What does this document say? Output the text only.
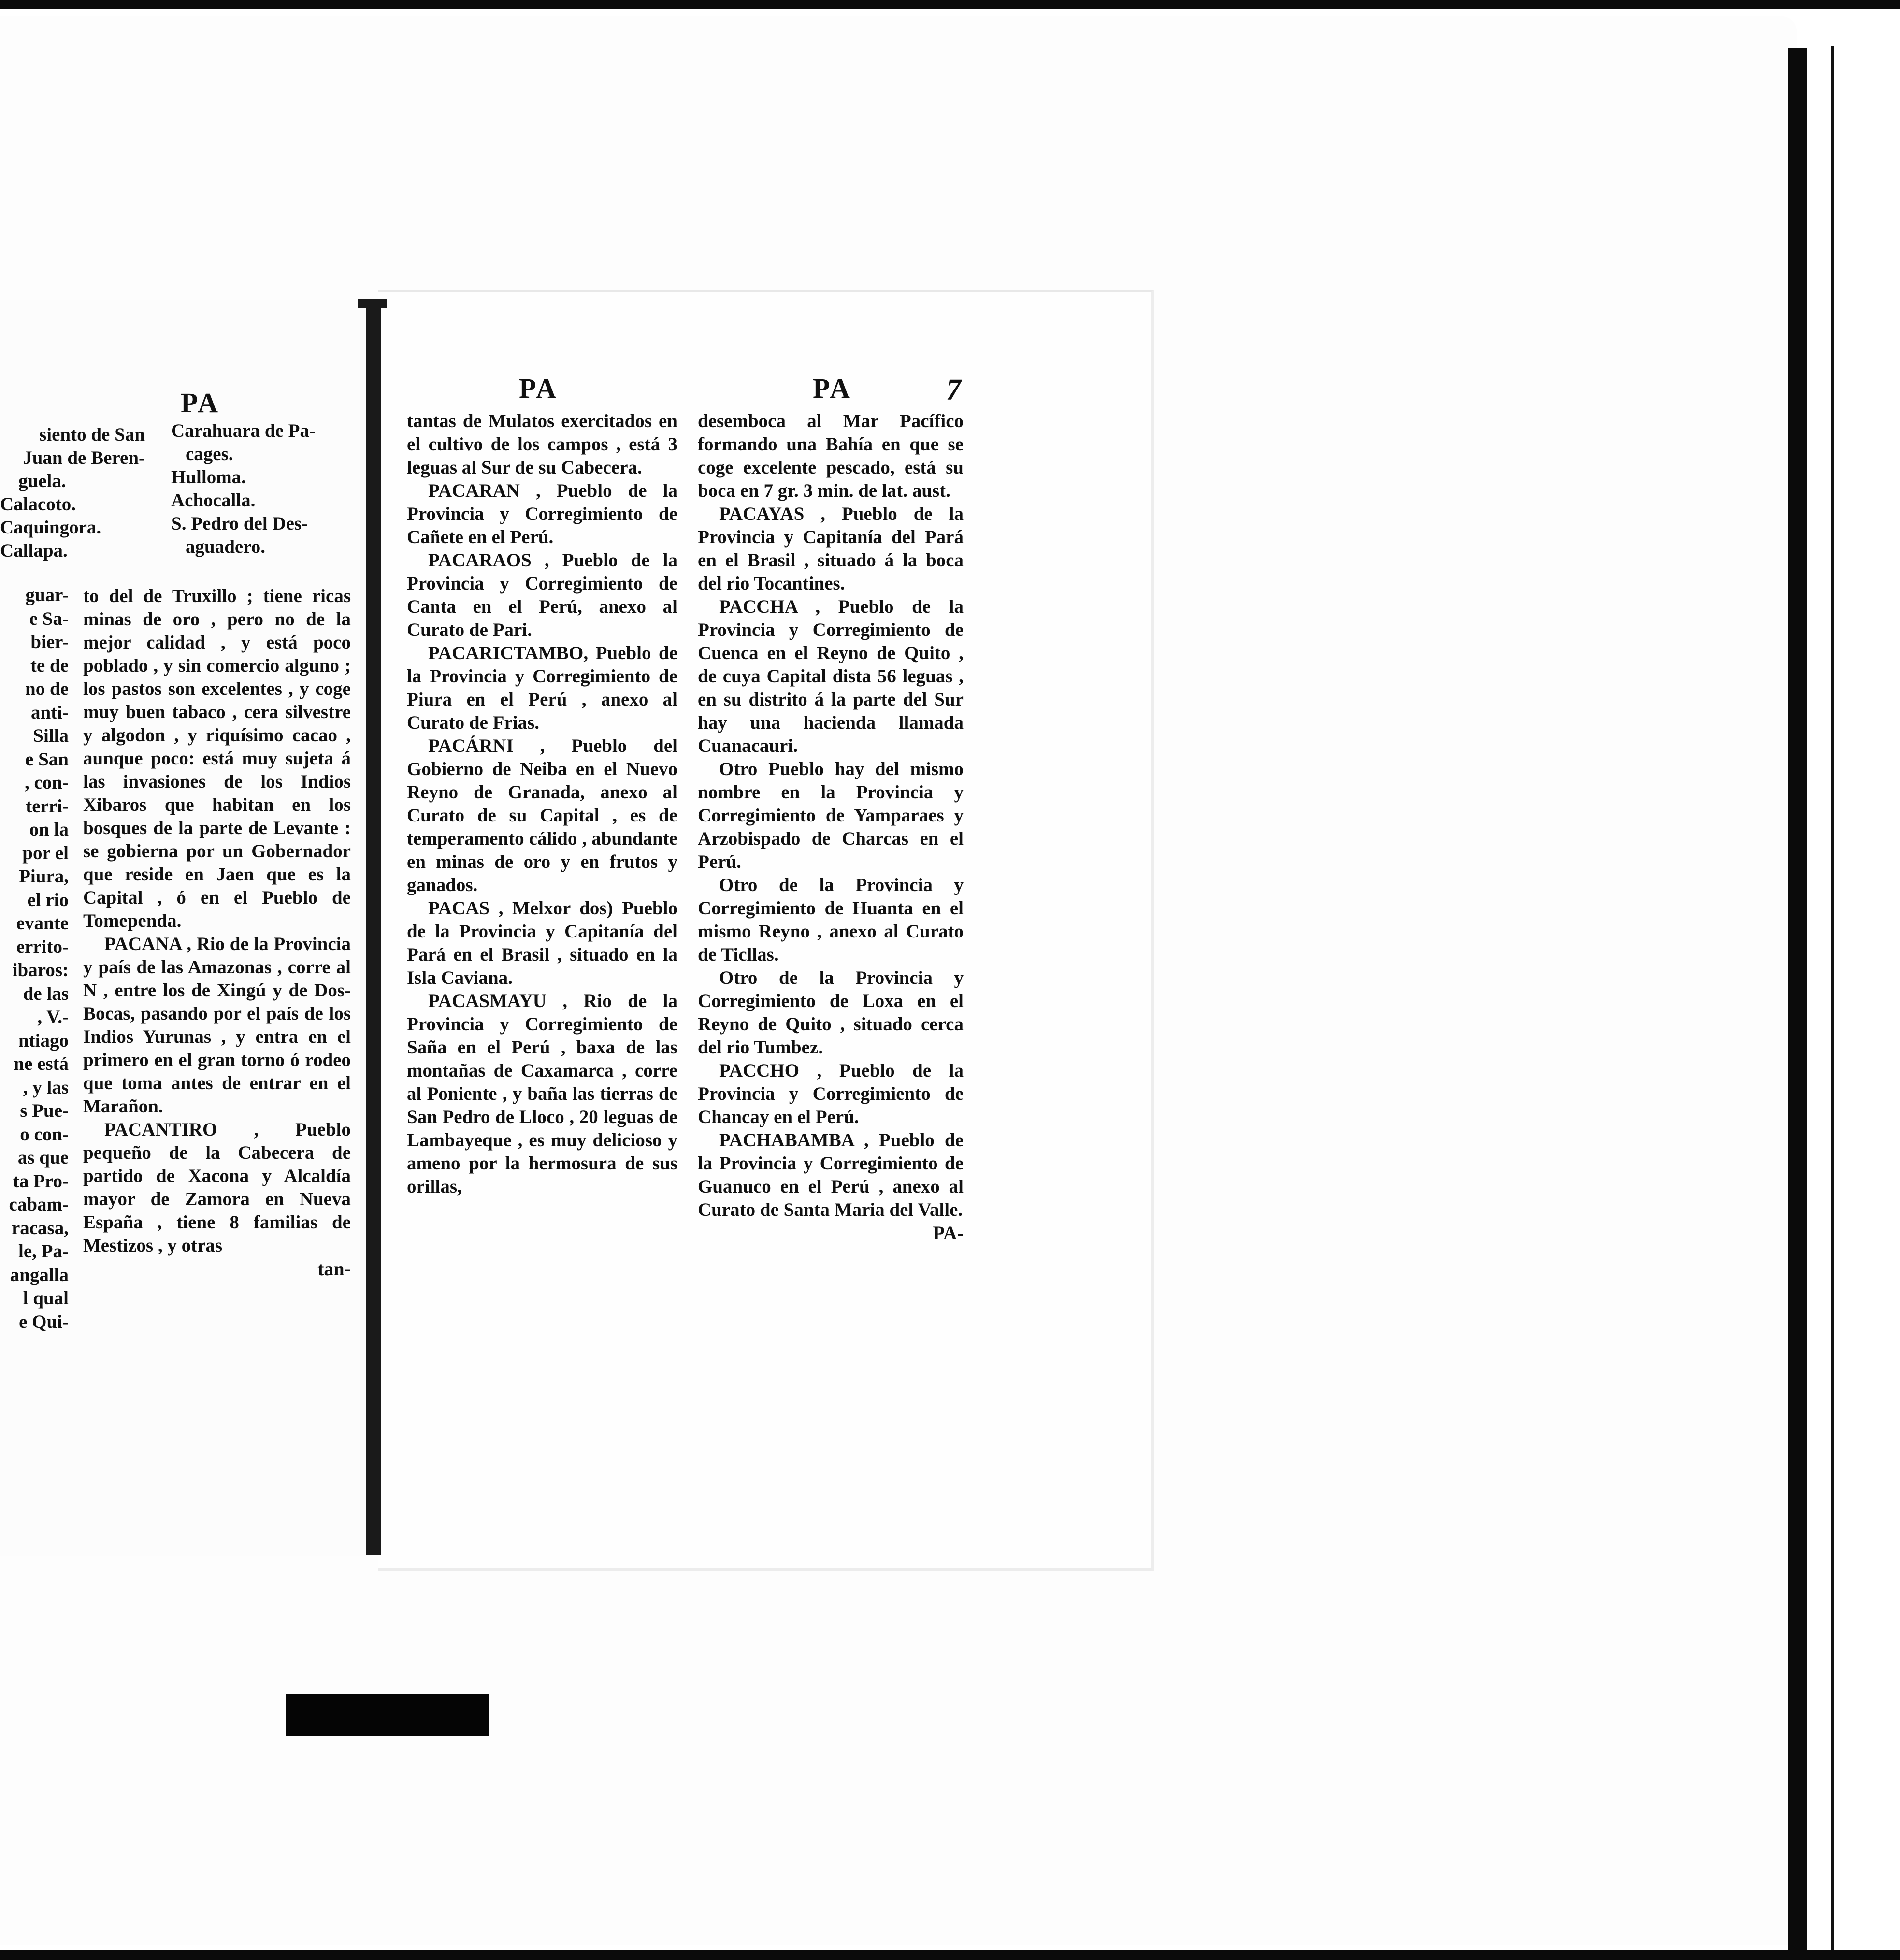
PA
siento de San
Juan de Beren-
guela.
Calacoto.
Caquingora.
Callapa.
Carahuara de Pa-
cages.
Hulloma.
Achocalla.
S. Pedro del Des-
aguadero.
guar-
e Sa-
bier-
te de
no de
anti-
Silla
e San
, con-
terri-
on la
por el
Piura,
el rio
evante
errito-
ibaros:
de las
, V.-
ntiago
ne está
, y las
s Pue-
o con-
as que
ta Pro-
cabam-
racasa,
le, Pa-
angalla
l qual
e Qui-

to del de Truxillo ; tiene ricas minas de oro , pero no de la mejor calidad , y está poco poblado , y sin comercio alguno ; los pastos son excelentes , y coge muy buen tabaco , cera silvestre y algodon , y riquísimo cacao , aunque poco: está muy sujeta á las invasiones de los Indios Xibaros que habitan en los bosques de la parte de Levante : se gobierna por un Gobernador que reside en Jaen que es la Capital , ó en el Pueblo de Tomependa.

PACANA , Rio de la Provincia y país de las Amazonas , corre al N , entre los de Xingú y de Dos-Bocas, pasando por el país de los Indios Yurunas , y entra en el primero en el gran torno ó rodeo que toma antes de entrar en el Marañon.

PACANTIRO , Pueblo pequeño de la Cabecera de partido de Xacona y Alcaldía mayor de Zamora en Nueva España , tiene 8 familias de Mestizos , y otras

tan-
PA	PA	7

tantas de Mulatos exercitados en el cultivo de los campos , está 3 leguas al Sur de su Cabecera.

PACARAN , Pueblo de la Provincia y Corregimiento de Cañete en el Perú.

PACARAOS , Pueblo de la Provincia y Corregimiento de Canta en el Perú, anexo al Curato de Pari.

PACARICTAMBO, Pueblo de la Provincia y Corregimiento de Piura en el Perú , anexo al Curato de Frias.

PACÁRNI , Pueblo del Gobierno de Neiba en el Nuevo Reyno de Granada, anexo al Curato de su Capital , es de temperamento cálido , abundante en minas de oro y en frutos y ganados.

PACAS , Melxor dos) Pueblo de la Provincia y Capitanía del Pará en el Brasil , situado en la Isla Caviana.

PACASMAYU , Rio de la Provincia y Corregimiento de Saña en el Perú , baxa de las montañas de Caxamarca , corre al Poniente , y baña las tierras de San Pedro de Lloco , 20 leguas de Lambayeque , es muy delicioso y ameno por la hermosura de sus orillas,

desemboca al Mar Pacífico formando una Bahía en que se coge excelente pescado, está su boca en 7 gr. 3 min. de lat. aust.

PACAYAS , Pueblo de la Provincia y Capitanía del Pará en el Brasil , situado á la boca del rio Tocantines.

PACCHA , Pueblo de la Provincia y Corregimiento de Cuenca en el Reyno de Quito , de cuya Capital dista 56 leguas , en su distrito á la parte del Sur hay una hacienda llamada Cuanacauri.

Otro Pueblo hay del mismo nombre en la Provincia y Corregimiento de Yamparaes y Arzobispado de Charcas en el Perú.

Otro de la Provincia y Corregimiento de Huanta en el mismo Reyno , anexo al Curato de Ticllas.

Otro de la Provincia y Corregimiento de Loxa en el Reyno de Quito , situado cerca del rio Tumbez.

PACCHO , Pueblo de la Provincia y Corregimiento de Chancay en el Perú.

PACHABAMBA , Pueblo de la Provincia y Corregimiento de Guanuco en el Perú , anexo al Curato de Santa Maria del Valle.

PA-
